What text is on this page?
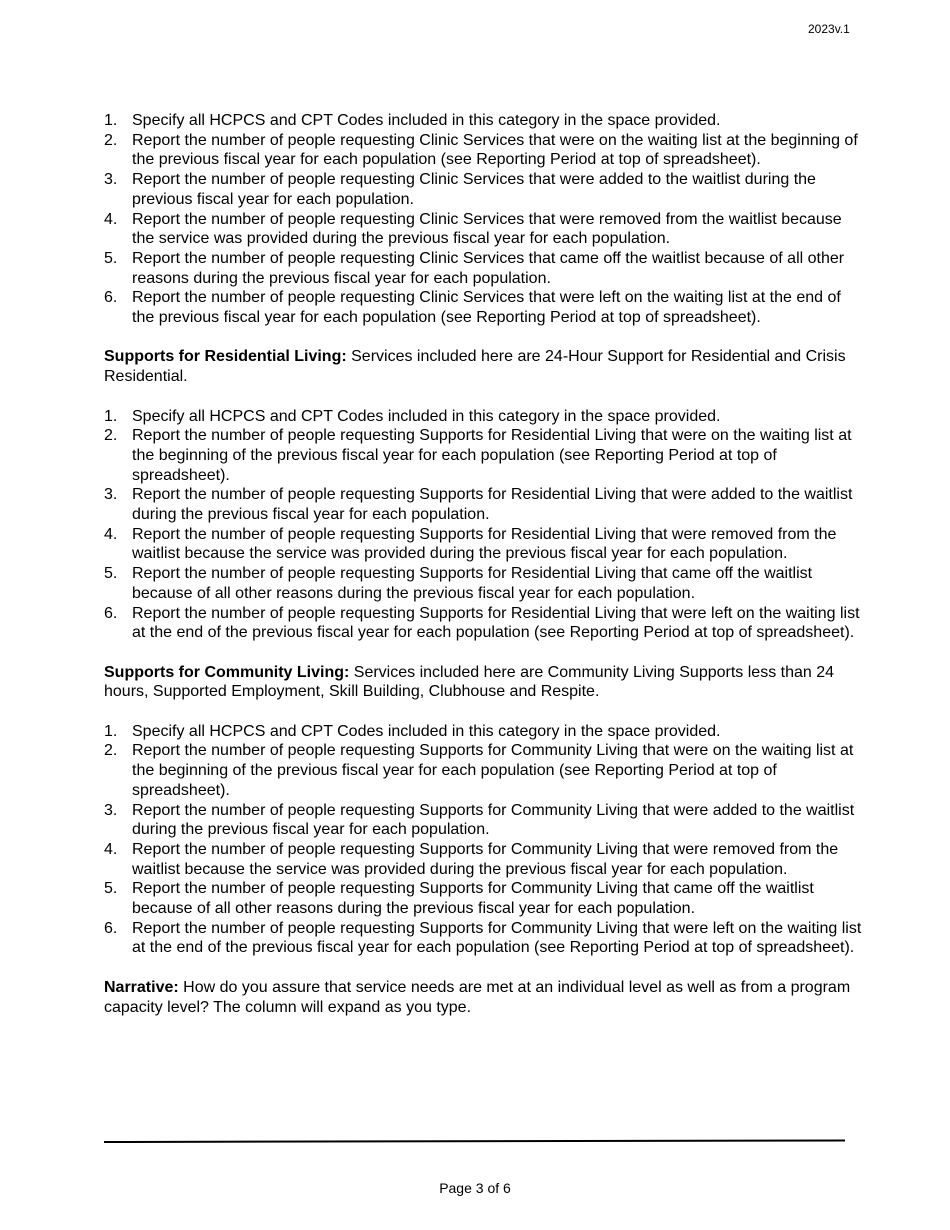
2023v.1
1. Specify all HCPCS and CPT Codes included in this category in the space provided.
2. Report the number of people requesting Clinic Services that were on the waiting list at the beginning of the previous fiscal year for each population (see Reporting Period at top of spreadsheet).
3. Report the number of people requesting Clinic Services that were added to the waitlist during the previous fiscal year for each population.
4. Report the number of people requesting Clinic Services that were removed from the waitlist because the service was provided during the previous fiscal year for each population.
5. Report the number of people requesting Clinic Services that came off the waitlist because of all other reasons during the previous fiscal year for each population.
6. Report the number of people requesting Clinic Services that were left on the waiting list at the end of the previous fiscal year for each population (see Reporting Period at top of spreadsheet).

Supports for Residential Living: Services included here are 24-Hour Support for Residential and Crisis Residential.

1. Specify all HCPCS and CPT Codes included in this category in the space provided.
2. Report the number of people requesting Supports for Residential Living that were on the waiting list at the beginning of the previous fiscal year for each population (see Reporting Period at top of spreadsheet).
3. Report the number of people requesting Supports for Residential Living that were added to the waitlist during the previous fiscal year for each population.
4. Report the number of people requesting Supports for Residential Living that were removed from the waitlist because the service was provided during the previous fiscal year for each population.
5. Report the number of people requesting Supports for Residential Living that came off the waitlist because of all other reasons during the previous fiscal year for each population.
6. Report the number of people requesting Supports for Residential Living that were left on the waiting list at the end of the previous fiscal year for each population (see Reporting Period at top of spreadsheet).

Supports for Community Living: Services included here are Community Living Supports less than 24 hours, Supported Employment, Skill Building, Clubhouse and Respite.

1. Specify all HCPCS and CPT Codes included in this category in the space provided.
2. Report the number of people requesting Supports for Community Living that were on the waiting list at the beginning of the previous fiscal year for each population (see Reporting Period at top of spreadsheet).
3. Report the number of people requesting Supports for Community Living that were added to the waitlist during the previous fiscal year for each population.
4. Report the number of people requesting Supports for Community Living that were removed from the waitlist because the service was provided during the previous fiscal year for each population.
5. Report the number of people requesting Supports for Community Living that came off the waitlist because of all other reasons during the previous fiscal year for each population.
6. Report the number of people requesting Supports for Community Living that were left on the waiting list at the end of the previous fiscal year for each population (see Reporting Period at top of spreadsheet).

Narrative: How do you assure that service needs are met at an individual level as well as from a program capacity level? The column will expand as you type.

Page 3 of 6
